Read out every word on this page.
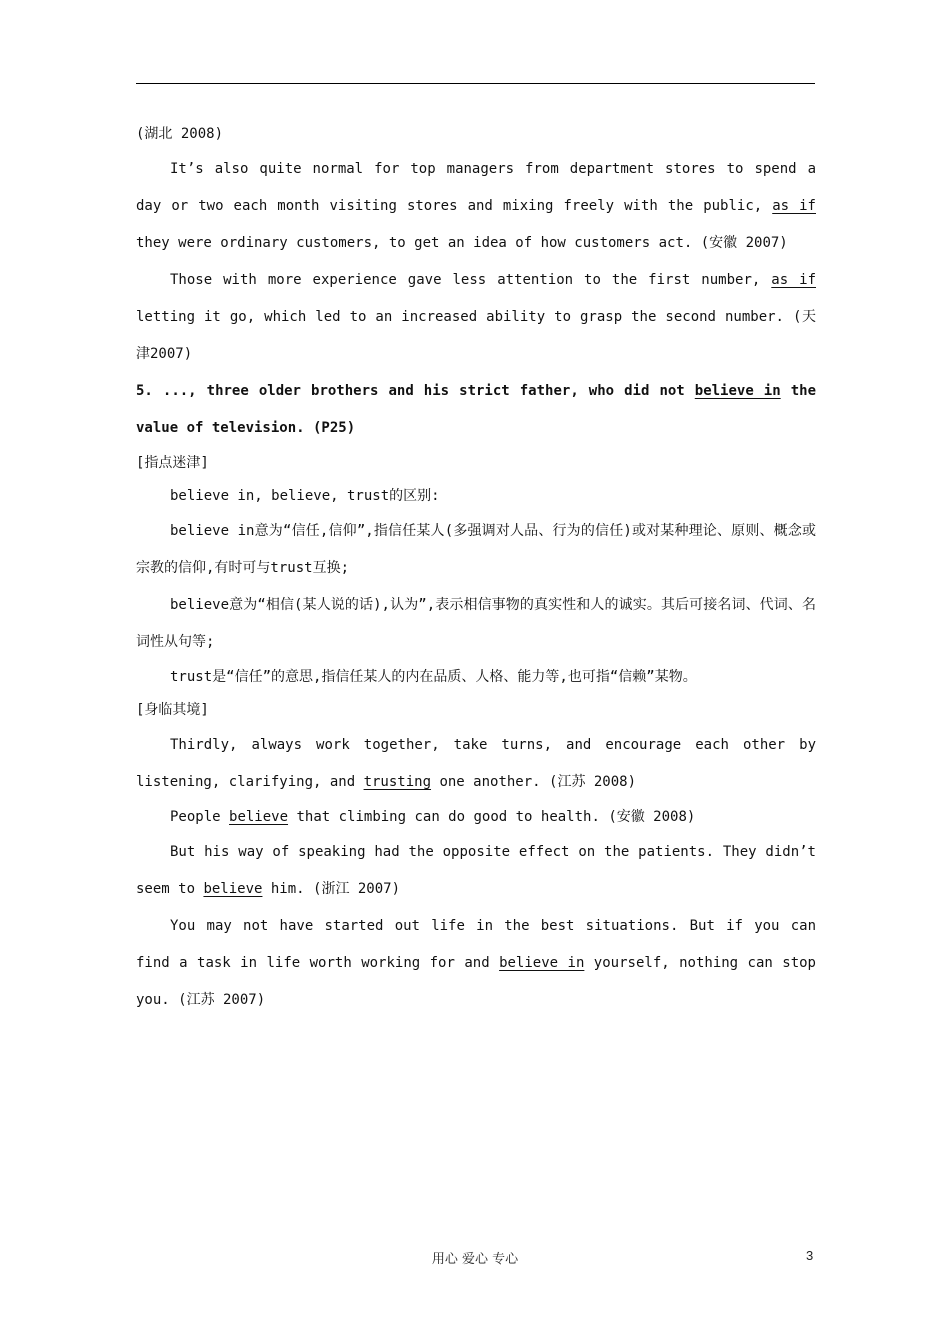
(湖北 2008)

It’s also quite normal for top managers from department stores to spend a day or two each month visiting stores and mixing freely with the public, as if they were ordinary customers, to get an idea of how customers act. (安徽 2007)

Those with more experience gave less attention to the first number, as if letting it go, which led to an increased ability to grasp the second number. (天津2007)

5. ..., three older brothers and his strict father, who did not believe in the value of television. (P25)

[指点迷津]

believe in, believe, trust的区别:

believe in意为“信任,信仰”,指信任某人(多强调对人品、行为的信任)或对某种理论、原则、概念或宗教的信仰,有时可与trust互换;

believe意为“相信(某人说的话),认为”,表示相信事物的真实性和人的诚实。其后可接名词、代词、名词性从句等;

trust是“信任”的意思,指信任某人的内在品质、人格、能力等,也可指“信赖”某物。

[身临其境]

Thirdly, always work together, take turns, and encourage each other by listening, clarifying, and trusting one another. (江苏 2008)

People believe that climbing can do good to health. (安徽 2008)

But his way of speaking had the opposite effect on the patients. They didn’t seem to believe him. (浙江 2007)

You may not have started out life in the best situations. But if you can find a task in life worth working for and believe in yourself, nothing can stop you. (江苏 2007)

用心 爱心 专心	3
